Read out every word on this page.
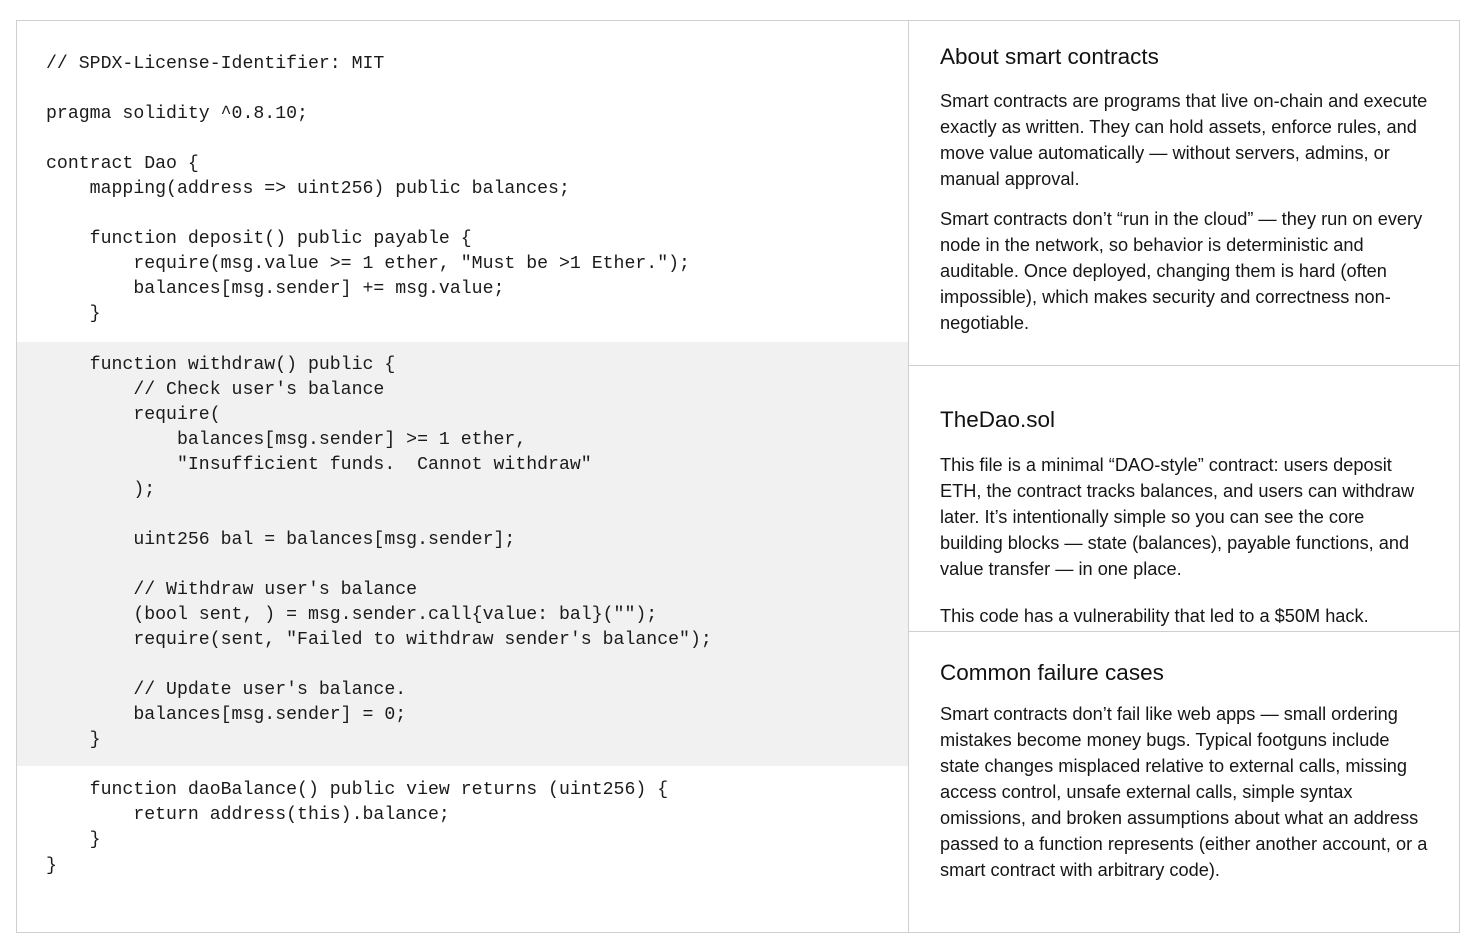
// SPDX-License-Identifier: MIT
pragma solidity ^0.8.10;
contract Dao {
mapping(address => uint256) public balances;
function deposit() public payable {
require(msg.value >= 1 ether, "Must be >1 Ether.");
balances[msg.sender] += msg.value;
}
function withdraw() public {
// Check user's balance
require(
balances[msg.sender] >= 1 ether,
"Insufficient funds.  Cannot withdraw"
);
uint256 bal = balances[msg.sender];
// Withdraw user's balance
(bool sent, ) = msg.sender.call{value: bal}("");
require(sent, "Failed to withdraw sender's balance");
// Update user's balance.
balances[msg.sender] = 0;
}
function daoBalance() public view returns (uint256) {
return address(this).balance;
}
}
About smart contracts

Smart contracts are programs that live on-chain and execute exactly as written. They can hold assets, enforce rules, and move value automatically — without servers, admins, or manual approval.

Smart contracts don’t “run in the cloud” — they run on every node in the network, so behavior is deterministic and auditable. Once deployed, changing them is hard (often impossible), which makes security and correctness non-negotiable.

TheDao.sol

This file is a minimal “DAO-style” contract: users deposit ETH, the contract tracks balances, and users can withdraw later. It’s intentionally simple so you can see the core building blocks — state (balances), payable functions, and value transfer — in one place.

This code has a vulnerability that led to a $50M hack.

Common failure cases

Smart contracts don’t fail like web apps — small ordering mistakes become money bugs. Typical footguns include state changes misplaced relative to external calls, missing access control, unsafe external calls, simple syntax omissions, and broken assumptions about what an address passed to a function represents (either another account, or a smart contract with arbitrary code).
